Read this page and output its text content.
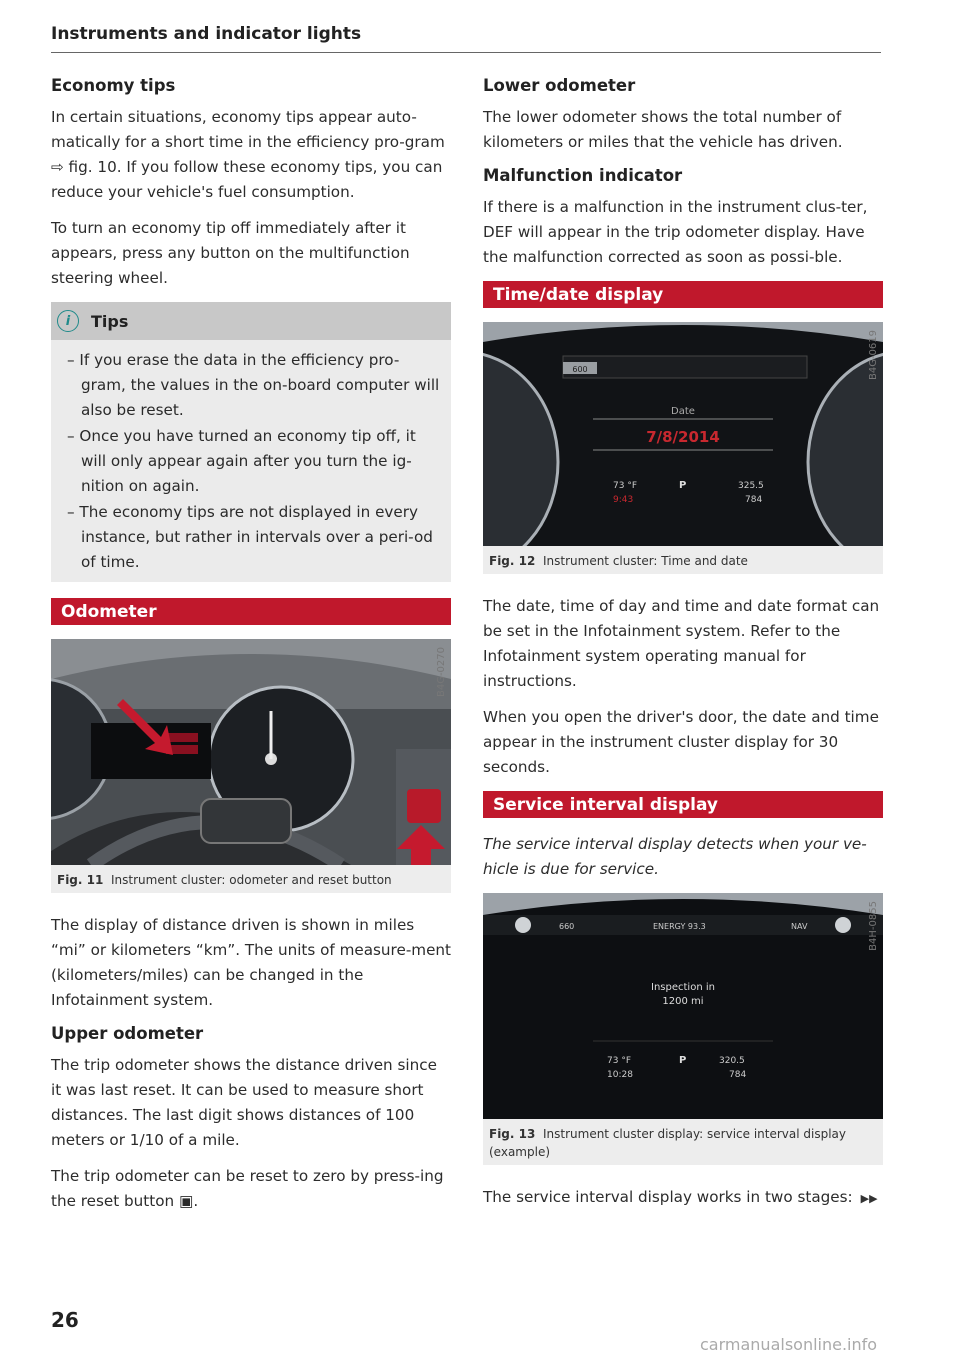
Instruments and indicator lights
Economy tips

In certain situations, economy tips appear auto-matically for a short time in the efficiency pro-gram ⇨ fig. 10. If you follow these economy tips, you can reduce your vehicle's fuel consumption.

To turn an economy tip off immediately after it appears, press any button on the multifunction steering wheel.

i	Tips
– If you erase the data in the efficiency pro-gram, the values in the on-board computer will also be reset.
– Once you have turned an economy tip off, it will only appear again after you turn the ig-nition on again.
– The economy tips are not displayed in every instance, but rather in intervals over a peri-od of time.
Odometer
B4G-0270
Fig. 11 Instrument cluster: odometer and reset button

The display of distance driven is shown in miles “mi” or kilometers “km”. The units of measure-ment (kilometers/miles) can be changed in the Infotainment system.

Upper odometer

The trip odometer shows the distance driven since it was last reset. It can be used to measure short distances. The last digit shows distances of 100 meters or 1/10 of a mile.

The trip odometer can be reset to zero by press-ing the reset button ▣.

Lower odometer

The lower odometer shows the total number of kilometers or miles that the vehicle has driven.

Malfunction indicator

If there is a malfunction in the instrument clus-ter, DEF will appear in the trip odometer display. Have the malfunction corrected as soon as possi-ble.

Time/date display
600
Date
7/8/2014
73 °F
9:43
P	325.5
784
B4G-0619
Fig. 12 Instrument cluster: Time and date

The date, time of day and time and date format can be set in the Infotainment system. Refer to the Infotainment system operating manual for instructions.

When you open the driver's door, the date and time appear in the instrument cluster display for 30 seconds.

Service interval display

The service interval display detects when your ve-hicle is due for service.

660	ENERGY 93.3	NAV
Inspection in
1200 mi
73 °F
10:28
P	320.5
784
B4H-0855
Fig. 13 Instrument cluster display: service interval display (example)

The service interval display works in two stages: ▶▶

26
carmanualsonline.info
